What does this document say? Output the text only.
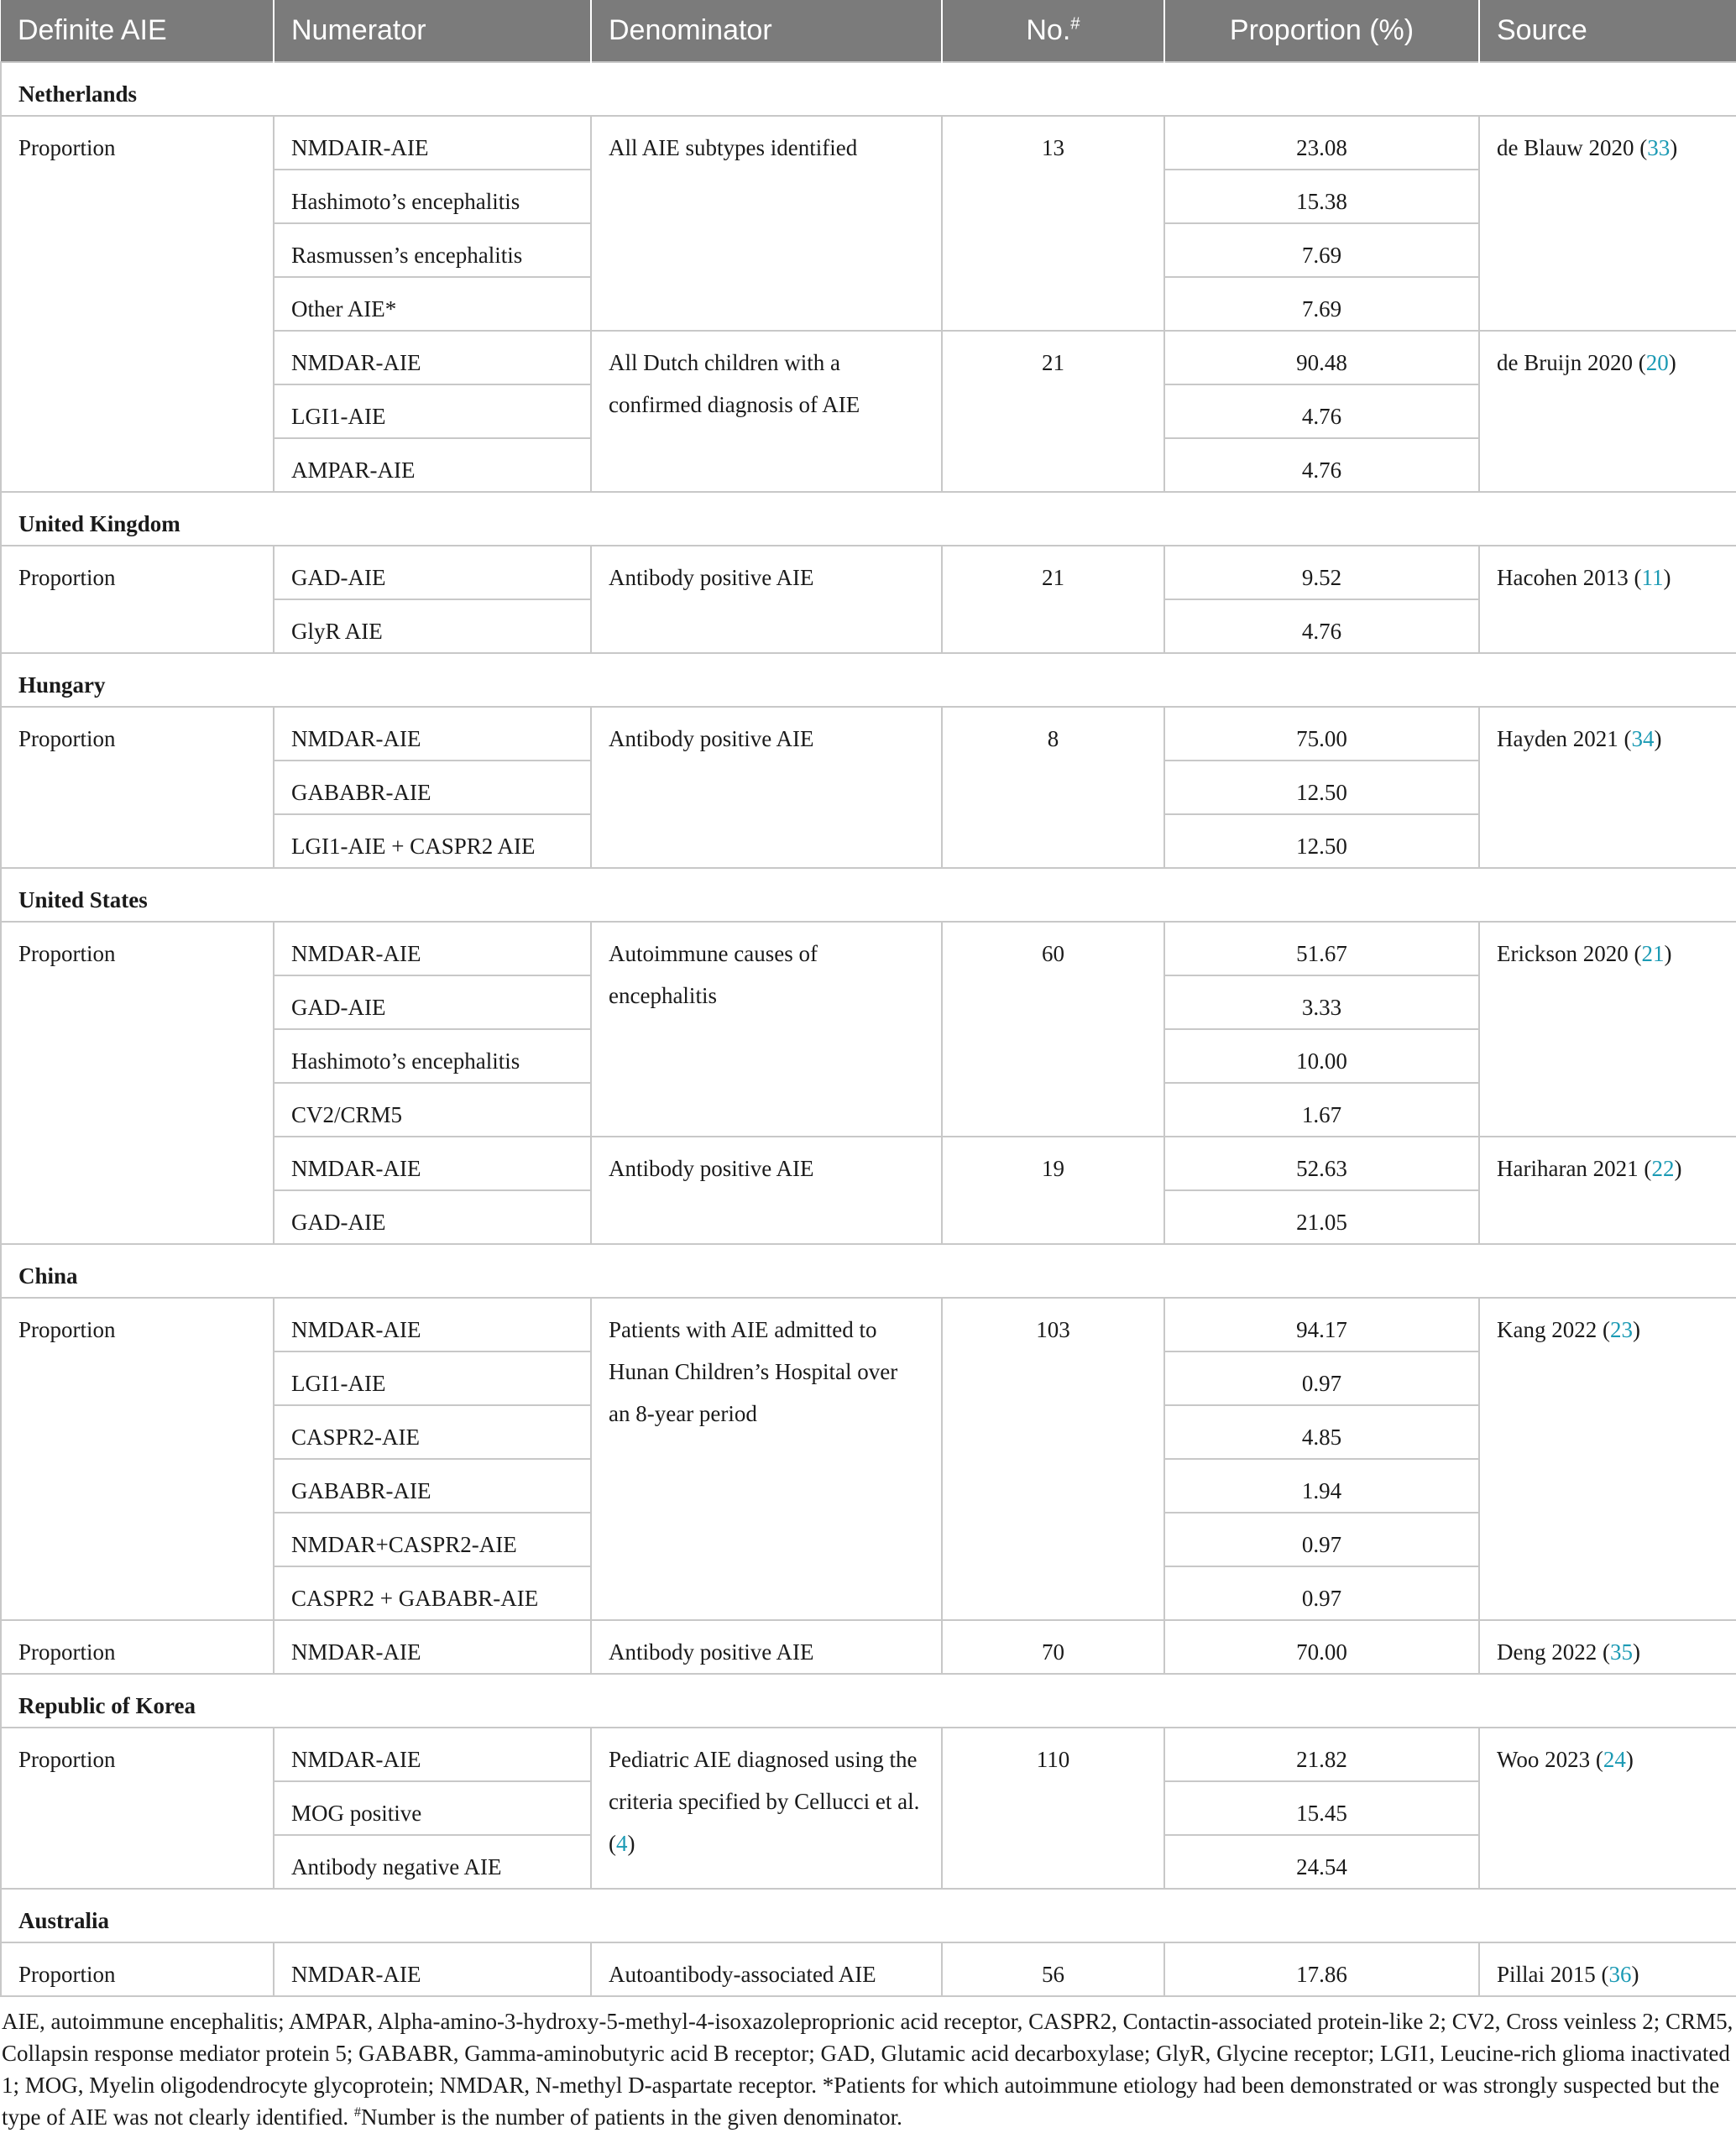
Definite AIE	Numerator	Denominator	No.#	Proportion (%)	Source
Netherlands					
Proportion	NMDAIR-AIE	All AIE subtypes identified	13	23.08	de Blauw 2020 (33)
	Hashimoto’s encephalitis			15.38	
	Rasmussen’s encephalitis			7.69	
	Other AIE*			7.69	
	NMDAR-AIE	All Dutch children with a confirmed diagnosis of AIE	21	90.48	de Bruijn 2020 (20)
	LGI1-AIE			4.76	
	AMPAR-AIE			4.76	
United Kingdom					
Proportion	GAD-AIE	Antibody positive AIE	21	9.52	Hacohen 2013 (11)
	GlyR AIE			4.76	
Hungary					
Proportion	NMDAR-AIE	Antibody positive AIE	8	75.00	Hayden 2021 (34)
	GABABR-AIE			12.50	
	LGI1-AIE + CASPR2 AIE			12.50	
United States					
Proportion	NMDAR-AIE	Autoimmune causes of encephalitis	60	51.67	Erickson 2020 (21)
	GAD-AIE			3.33	
	Hashimoto’s encephalitis			10.00	
	CV2/CRM5			1.67	
	NMDAR-AIE	Antibody positive AIE	19	52.63	Hariharan 2021 (22)
	GAD-AIE			21.05	
China					
Proportion	NMDAR-AIE	Patients with AIE admitted to Hunan Children’s Hospital over an 8-year period	103	94.17	Kang 2022 (23)
	LGI1-AIE			0.97	
	CASPR2-AIE			4.85	
	GABABR-AIE			1.94	
	NMDAR+CASPR2-AIE			0.97	
	CASPR2 + GABABR-AIE			0.97	
Proportion	NMDAR-AIE	Antibody positive AIE	70	70.00	Deng 2022 (35)
Republic of Korea					
Proportion	NMDAR-AIE	Pediatric AIE diagnosed using the criteria specified by Cellucci et al. (4)	110	21.82	Woo 2023 (24)
	MOG positive			15.45	
	Antibody negative AIE			24.54	
Australia					
Proportion	NMDAR-AIE	Autoantibody-associated AIE	56	17.86	Pillai 2015 (36)
AIE, autoimmune encephalitis; AMPAR, Alpha-amino-3-hydroxy-5-methyl-4-isoxazoleproprionic acid receptor, CASPR2, Contactin-associated protein-like 2; CV2, Cross veinless 2; CRM5, Collapsin response mediator protein 5; GABABR, Gamma-aminobutyric acid B receptor; GAD, Glutamic acid decarboxylase; GlyR, Glycine receptor; LGI1, Leucine-rich glioma inactivated 1; MOG, Myelin oligodendrocyte glycoprotein; NMDAR, N-methyl D-aspartate receptor. *Patients for which autoimmune etiology had been demonstrated or was strongly suspected but the type of AIE was not clearly identified. #Number is the number of patients in the given denominator.
